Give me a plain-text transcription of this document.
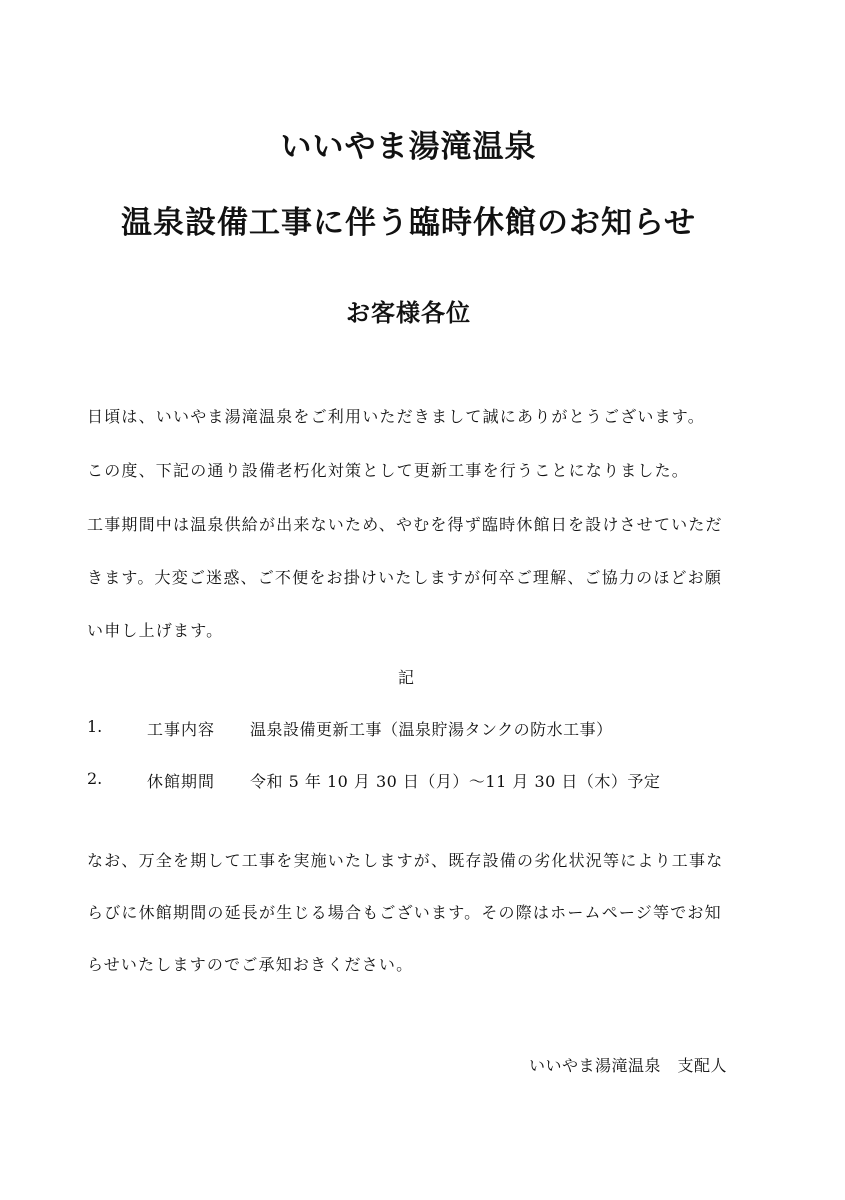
いいやま湯滝温泉
温泉設備工事に伴う臨時休館のお知らせ
お客様各位
日頃は、いいやま湯滝温泉をご利用いただきまして誠にありがとうございます。
この度、下記の通り設備老朽化対策として更新工事を行うことになりました。
工事期間中は温泉供給が出来ないため、やむを得ず臨時休館日を設けさせていただ
きます。大変ご迷惑、ご不便をお掛けいたしますが何卒ご理解、ご協力のほどお願
い申し上げます。
記
1.	工事内容 温泉設備更新工事（温泉貯湯タンクの防水工事）
2.	休館期間 令和 5 年 10 月 30 日（月）～11 月 30 日（木）予定
なお、万全を期して工事を実施いたしますが、既存設備の劣化状況等により工事な
らびに休館期間の延長が生じる場合もございます。その際はホームページ等でお知
らせいたしますのでご承知おきください。
いいやま湯滝温泉　支配人
